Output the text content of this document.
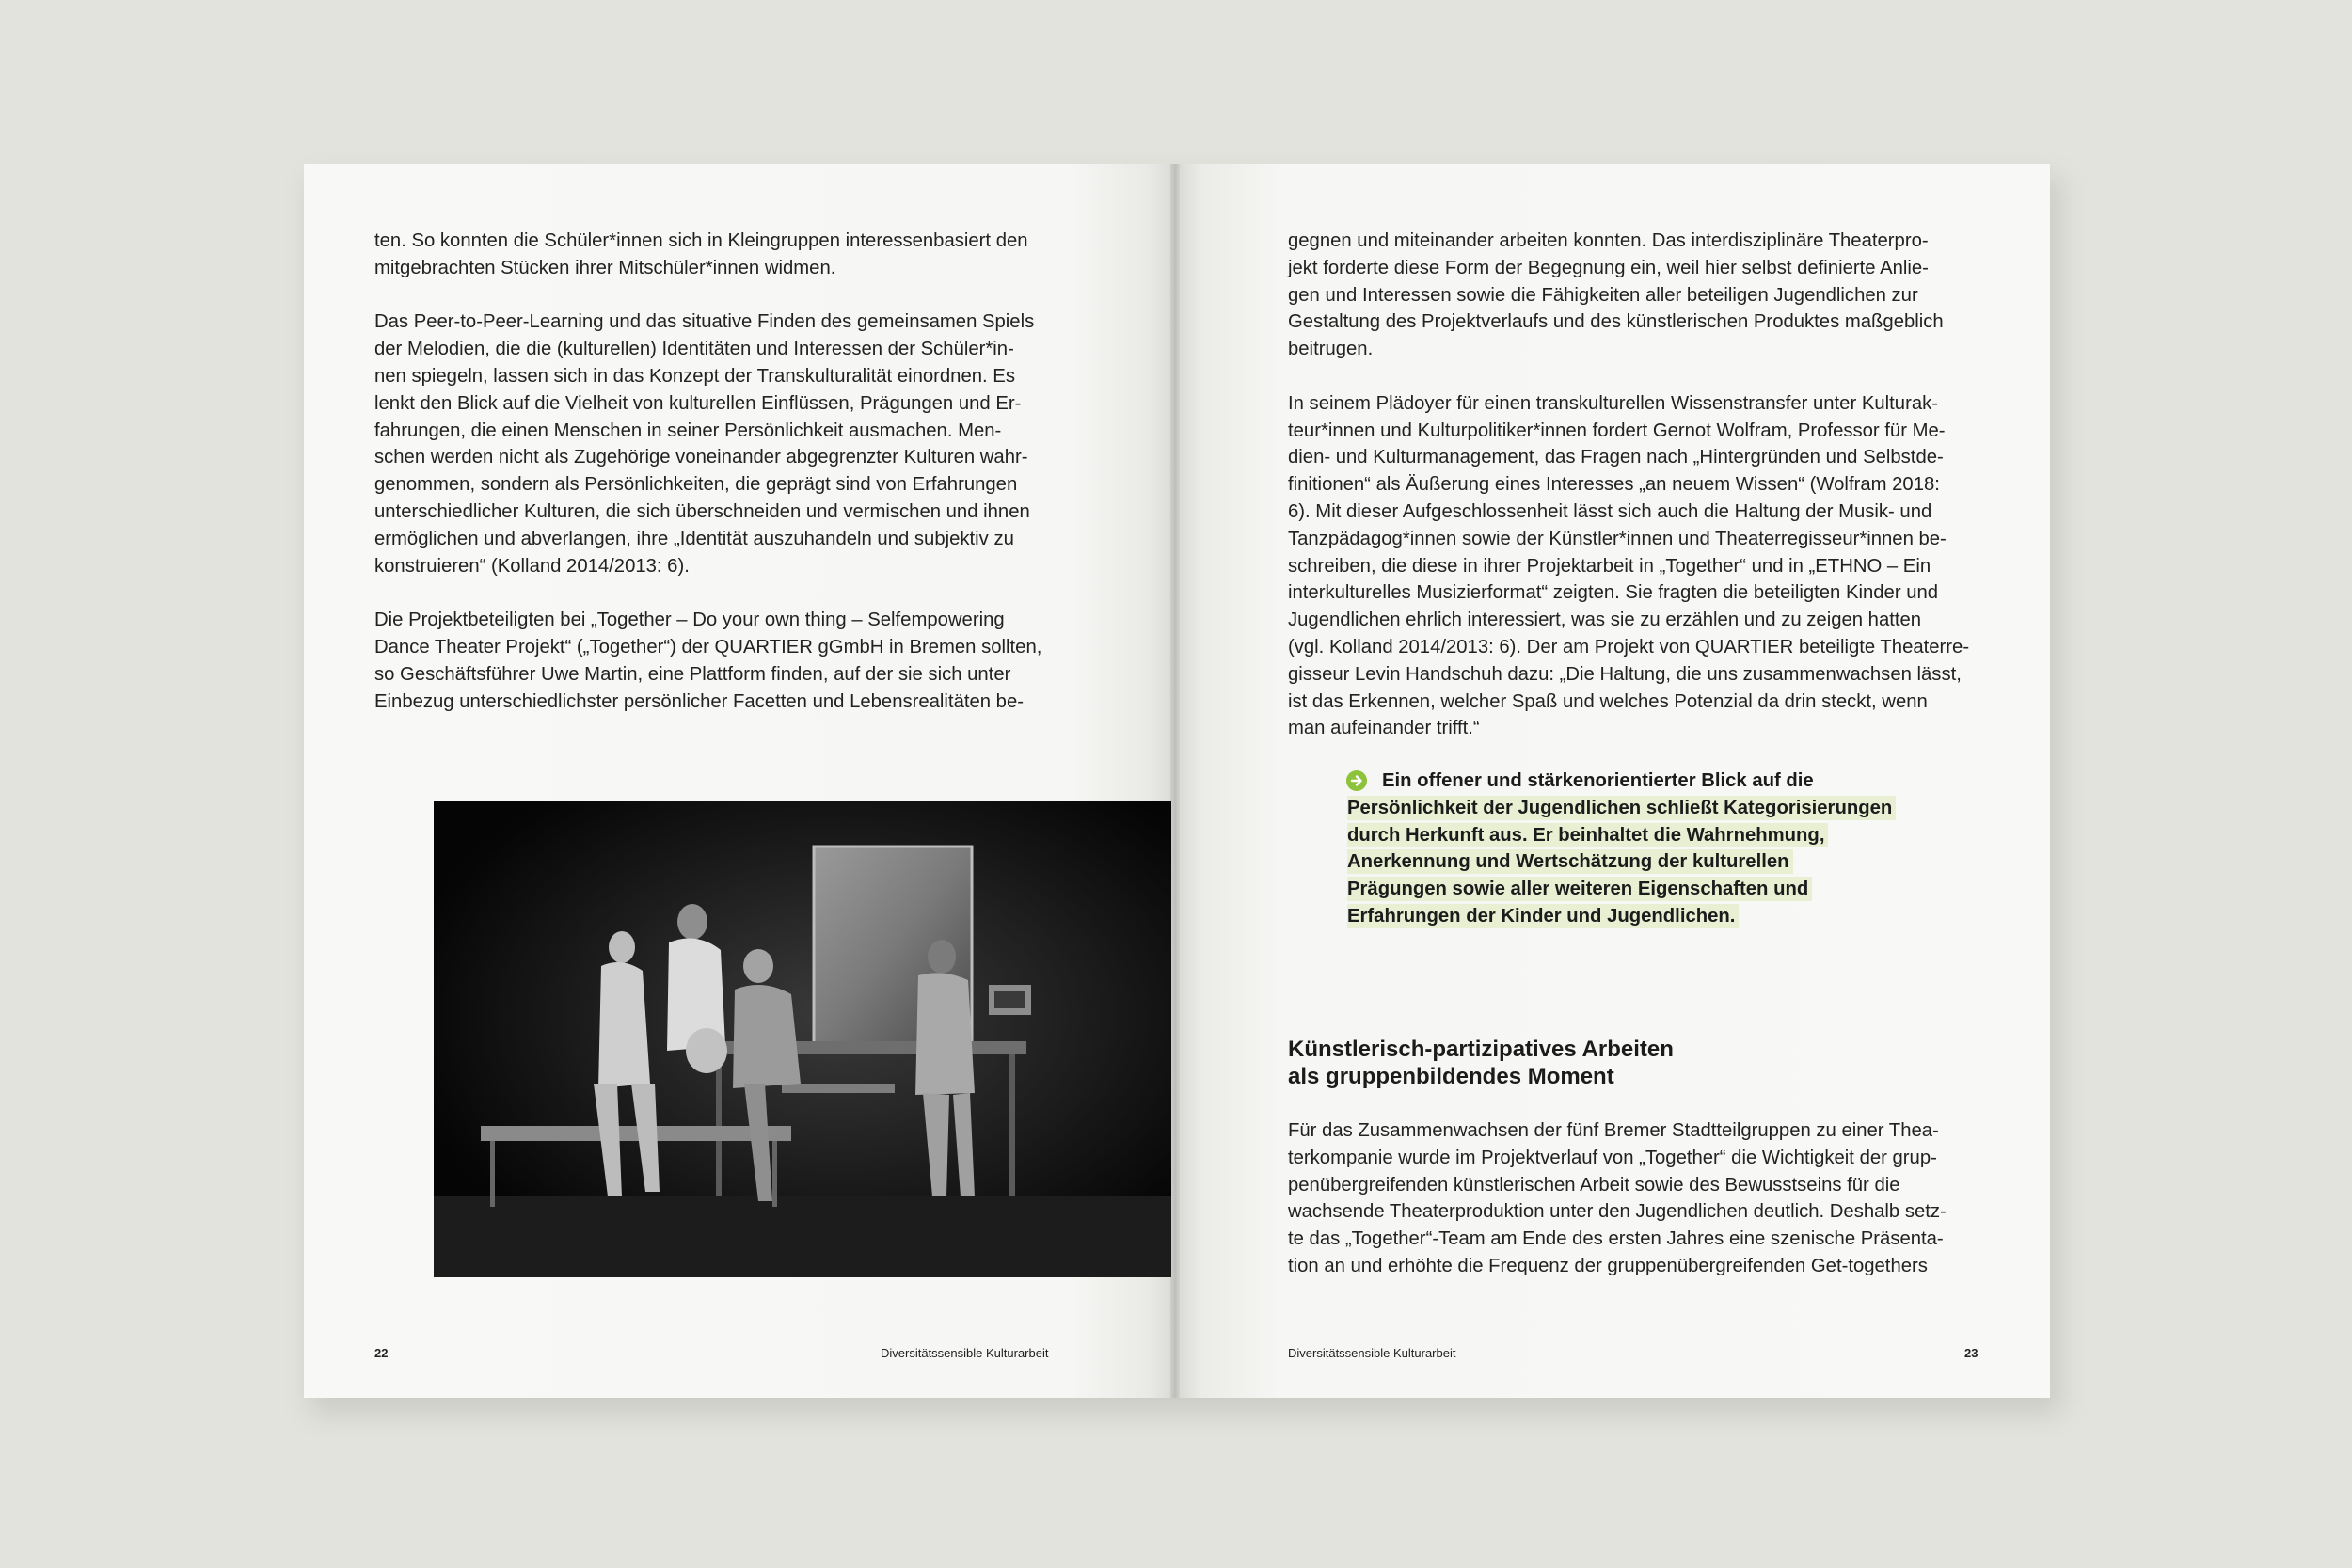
ten. So konnten die Schüler*innen sich in Kleingruppen interessenbasiert den
mitgebrachten Stücken ihrer Mitschüler*innen widmen.

Das Peer-to-Peer-Learning und das situative Finden des gemeinsamen Spiels
der Melodien, die die (kulturellen) Identitäten und Interessen der Schüler*in-
nen spiegeln, lassen sich in das Konzept der Transkulturalität einordnen. Es
lenkt den Blick auf die Vielheit von kulturellen Einflüssen, Prägungen und Er-
fahrungen, die einen Menschen in seiner Persönlichkeit ausmachen. Men-
schen werden nicht als Zugehörige voneinander abgegrenzter Kulturen wahr-
genommen, sondern als Persönlichkeiten, die geprägt sind von Erfahrungen
unterschiedlicher Kulturen, die sich überschneiden und vermischen und ihnen
ermöglichen und abverlangen, ihre „Identität auszuhandeln und subjektiv zu
konstruieren“ (Kolland 2014/2013: 6).

Die Projektbeteiligten bei „Together – Do your own thing – Selfempowering
Dance Theater Projekt“ („Together“) der QUARTIER gGmbH in Bremen sollten,
so Geschäftsführer Uwe Martin, eine Plattform finden, auf der sie sich unter
Einbezug unterschiedlichster persönlicher Facetten und Lebensrealitäten be-

22	Diversitätssensible Kulturarbeit

gegnen und miteinander arbeiten konnten. Das interdisziplinäre Theaterpro-
jekt forderte diese Form der Begegnung ein, weil hier selbst definierte Anlie-
gen und Interessen sowie die Fähigkeiten aller beteiligen Jugendlichen zur
Gestaltung des Projektverlaufs und des künstlerischen Produktes maßgeblich
beitrugen.

In seinem Plädoyer für einen transkulturellen Wissenstransfer unter Kulturak-
teur*innen und Kulturpolitiker*innen fordert Gernot Wolfram, Professor für Me-
dien- und Kulturmanagement, das Fragen nach „Hintergründen und Selbstde-
finitionen“ als Äußerung eines Interesses „an neuem Wissen“ (Wolfram 2018:
6). Mit dieser Aufgeschlossenheit lässt sich auch die Haltung der Musik- und
Tanzpädagog*innen sowie der Künstler*innen und Theaterregisseur*innen be-
schreiben, die diese in ihrer Projektarbeit in „Together“ und in „ETHNO – Ein
interkulturelles Musizierformat“ zeigten. Sie fragten die beteiligten Kinder und
Jugendlichen ehrlich interessiert, was sie zu erzählen und zu zeigen hatten
(vgl. Kolland 2014/2013: 6). Der am Projekt von QUARTIER beteiligte Theaterre-
gisseur Levin Handschuh dazu: „Die Haltung, die uns zusammenwachsen lässt,
ist das Erkennen, welcher Spaß und welches Potenzial da drin steckt, wenn
man aufeinander trifft.“

Ein offener und stärkenorientierter Blick auf die
Persönlichkeit der Jugendlichen schließt Kategorisierungen
durch Herkunft aus. Er beinhaltet die Wahrnehmung,
Anerkennung und Wertschätzung der kulturellen
Prägungen sowie aller weiteren Eigenschaften und
Erfahrungen der Kinder und Jugendlichen.
Künstlerisch-partizipatives Arbeiten
als gruppenbildendes Moment

Für das Zusammenwachsen der fünf Bremer Stadtteilgruppen zu einer Thea-
terkompanie wurde im Projektverlauf von „Together“ die Wichtigkeit der grup-
penübergreifenden künstlerischen Arbeit sowie des Bewusstseins für die
wachsende Theaterproduktion unter den Jugendlichen deutlich. Deshalb setz-
te das „Together“-Team am Ende des ersten Jahres eine szenische Präsenta-
tion an und erhöhte die Frequenz der gruppenübergreifenden Get-togethers

Diversitätssensible Kulturarbeit	23
